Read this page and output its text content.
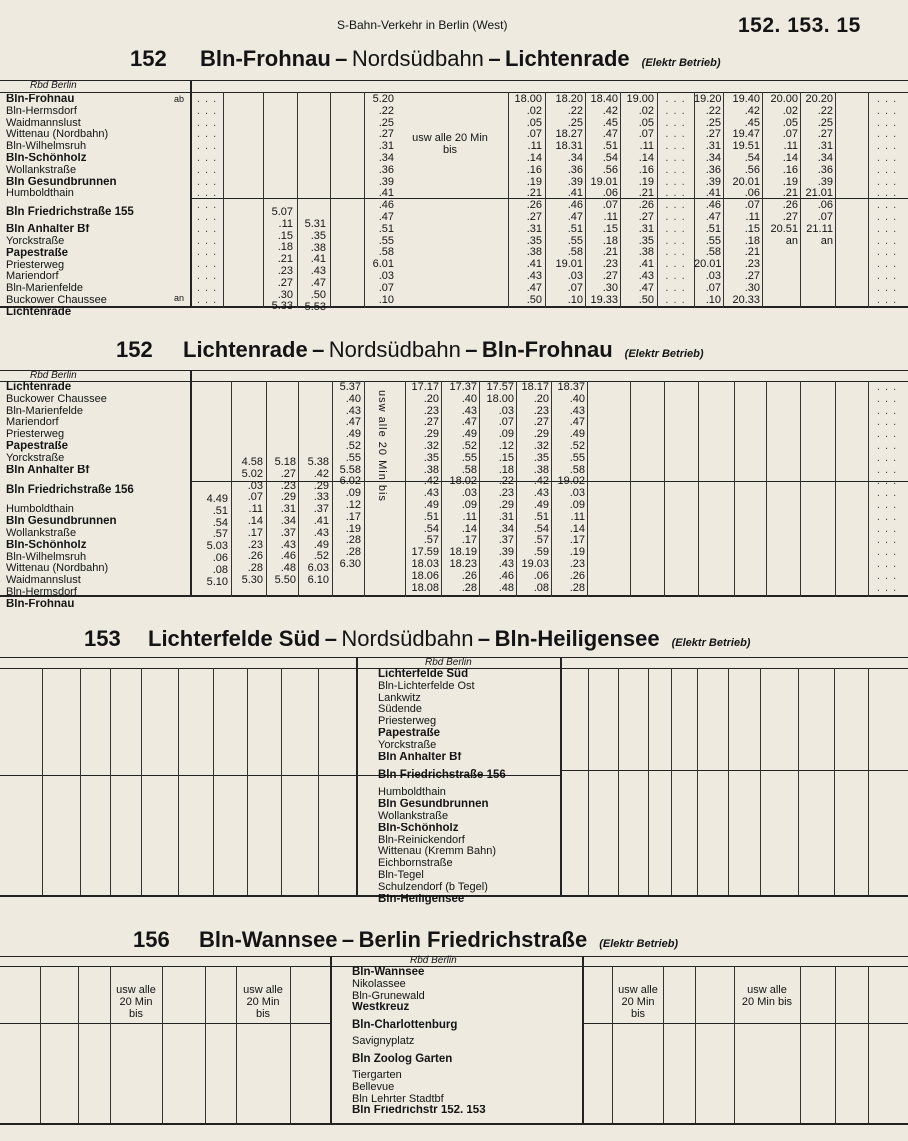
S-Bahn-Verkehr in Berlin (West)	152. 153. 15
152 Bln-Frohnau – Nordsüdbahn – Lichtenrade (Elektr Betrieb)
Rbd Berlin
Bln-Frohnau
Bln-Hermsdorf
Waidmannslust
Wittenau (Nordbahn)
Bln-Wilhelmsruh
Bln-Schönholz
Wollankstraße
Bln Gesundbrunnen
Humboldthain
Bln Friedrichstraße 155
Bln Anhalter Bf
Yorckstraße
Papestraße
Priesterweg
Mariendorf
Bln-Marienfelde
Buckower Chaussee
Lichtenrade
ab
an
. . .
. . .
. . .
. . .
. . .
. . .
. . .
. . .
. . .
. . .
. . .
. . .
. . .
. . .
. . .
. . .
. . .
. . .
5.07
.11
.15
.18
.21
.23
.27
.30
5.33
5.31
.35
.38
.41
.43
.47
.50
5.53
5.20
.22
.25
.27
.31
.34
.36
.39
.41
.46
.47
.51
.55
.58
6.01
.03
.07
.10
usw alle 20 Min bis
18.00
.02
.05
.07
.11
.14
.16
.19
.21
.26
.27
.31
.35
.38
.41
.43
.47
.50
18.20
.22
.25
18.27
18.31
.34
.36
.39
.41
.46
.47
.51
.55
.58
19.01
.03
.07
.10
18.40
.42
.45
.47
.51
.54
.56
19.01
.06
.07
.11
.15
.18
.21
.23
.27
.30
19.33
19.00
.02
.05
.07
.11
.14
.16
.19
.21
.26
.27
.31
.35
.38
.41
.43
.47
.50
. . .
. . .
. . .
. . .
. . .
. . .
. . .
. . .
. . .
. . .
. . .
. . .
. . .
. . .
. . .
. . .
. . .
. . .
19.20
.22
.25
.27
.31
.34
.36
.39
.41
.46
.47
.51
.55
.58
20.01
.03
.07
.10
19.40
.42
.45
19.47
19.51
.54
.56
20.01
.06
.07
.11
.15
.18
.21
.23
.27
.30
20.33
20.00
.02
.05
.07
.11
.14
.16
.19
.21
.26
.27
20.51
an
20.20
.22
.25
.27
.31
.34
.36
.39
21.01
.06
.07
21.11
an
. . .
. . .
. . .
. . .
. . .
. . .
. . .
. . .
. . .
. . .
. . .
. . .
. . .
. . .
. . .
. . .
. . .
. . .
152 Lichtenrade – Nordsüdbahn – Bln-Frohnau (Elektr Betrieb)
Rbd Berlin
Lichtenrade
Buckower Chaussee
Bln-Marienfelde
Mariendorf
Priesterweg
Papestraße
Yorckstraße
Bln Anhalter Bf
Bln Friedrichstraße 156
Humboldthain
Bln Gesundbrunnen
Wollankstraße
Bln-Schönholz
Bln-Wilhelmsruh
Wittenau (Nordbahn)
Waidmannslust
Bln-Hermsdorf
Bln-Frohnau
4.49
.51
.54
.57
5.03
.06
.08
5.10
4.58
5.02
.03
.07
.11
.14
.17
.23
.26
.28
5.30
5.18
.27
.23
.29
.31
.34
.37
.43
.46
.48
5.50
5.38
.42
.29
.33
.37
.41
.43
.49
.52
6.03
6.10
5.37
.40
.43
.47
.49
.52
.55
5.58
6.02
.09
.12
.17
.19
.28
.28
6.30
usw alle 20 Min bis
17.17
.20
.23
.27
.29
.32
.35
.38
.42
.43
.49
.51
.54
.57
17.59
18.03
18.06
18.08
17.37
.40
.43
.47
.49
.52
.55
.58
18.02
.03
.09
.11
.14
.17
18.19
18.23
.26
.28
17.57
18.00
.03
.07
.09
.12
.15
.18
.22
.23
.29
.31
.34
.37
.39
.43
.46
.48
18.17
.20
.23
.27
.29
.32
.35
.38
.42
.43
.49
.51
.54
.57
.59
19.03
.06
.08
18.37
.40
.43
.47
.49
.52
.55
.58
19.02
.03
.09
.11
.14
.17
.19
.23
.26
.28
. . .
. . .
. . .
. . .
. . .
. . .
. . .
. . .
. . .
. . .
. . .
. . .
. . .
. . .
. . .
. . .
. . .
. . .
153 Lichterfelde Süd – Nordsüdbahn – Bln-Heiligensee (Elektr Betrieb)
Rbd Berlin
Lichterfelde Süd
Bln-Lichterfelde Ost
Lankwitz
Südende
Priesterweg
Papestraße
Yorckstraße
Bln Anhalter Bf
Bln Friedrichstraße 156
Humboldthain
Bln Gesundbrunnen
Wollankstraße
Bln-Schönholz
Bln-Reinickendorf
Wittenau (Kremm Bahn)
Eichbornstraße
Bln-Tegel
Schulzendorf (b Tegel)
Bln-Heiligensee
156 Bln-Wannsee – Berlin Friedrichstraße (Elektr Betrieb)
Rbd Berlin
Bln-Wannsee
Nikolassee
Bln-Grunewald
Westkreuz
Bln-Charlottenburg
Savignyplatz
Bln Zoolog Garten
Tiergarten
Bellevue
Bln Lehrter Stadtbf
Bln Friedrichstr 152. 153
usw alle 20 Min bis
usw alle 20 Min bis
usw alle 20 Min bis
usw alle 20 Min bis
